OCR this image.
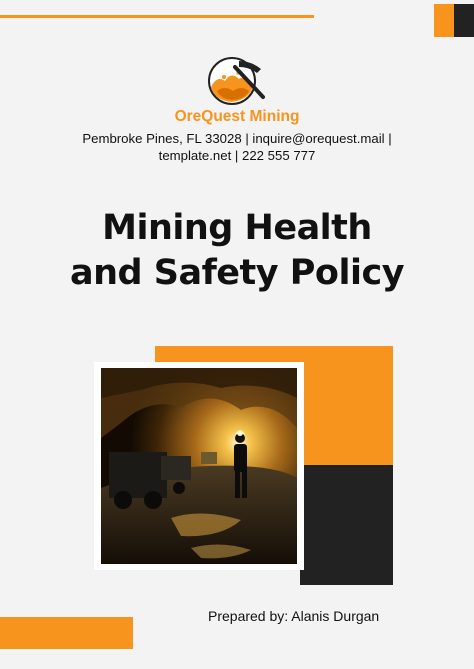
OreQuest Mining
Pembroke Pines, FL 33028 | inquire@orequest.mail |
template.net | 222 555 777
Mining Health
and Safety Policy
Prepared by: Alanis Durgan
